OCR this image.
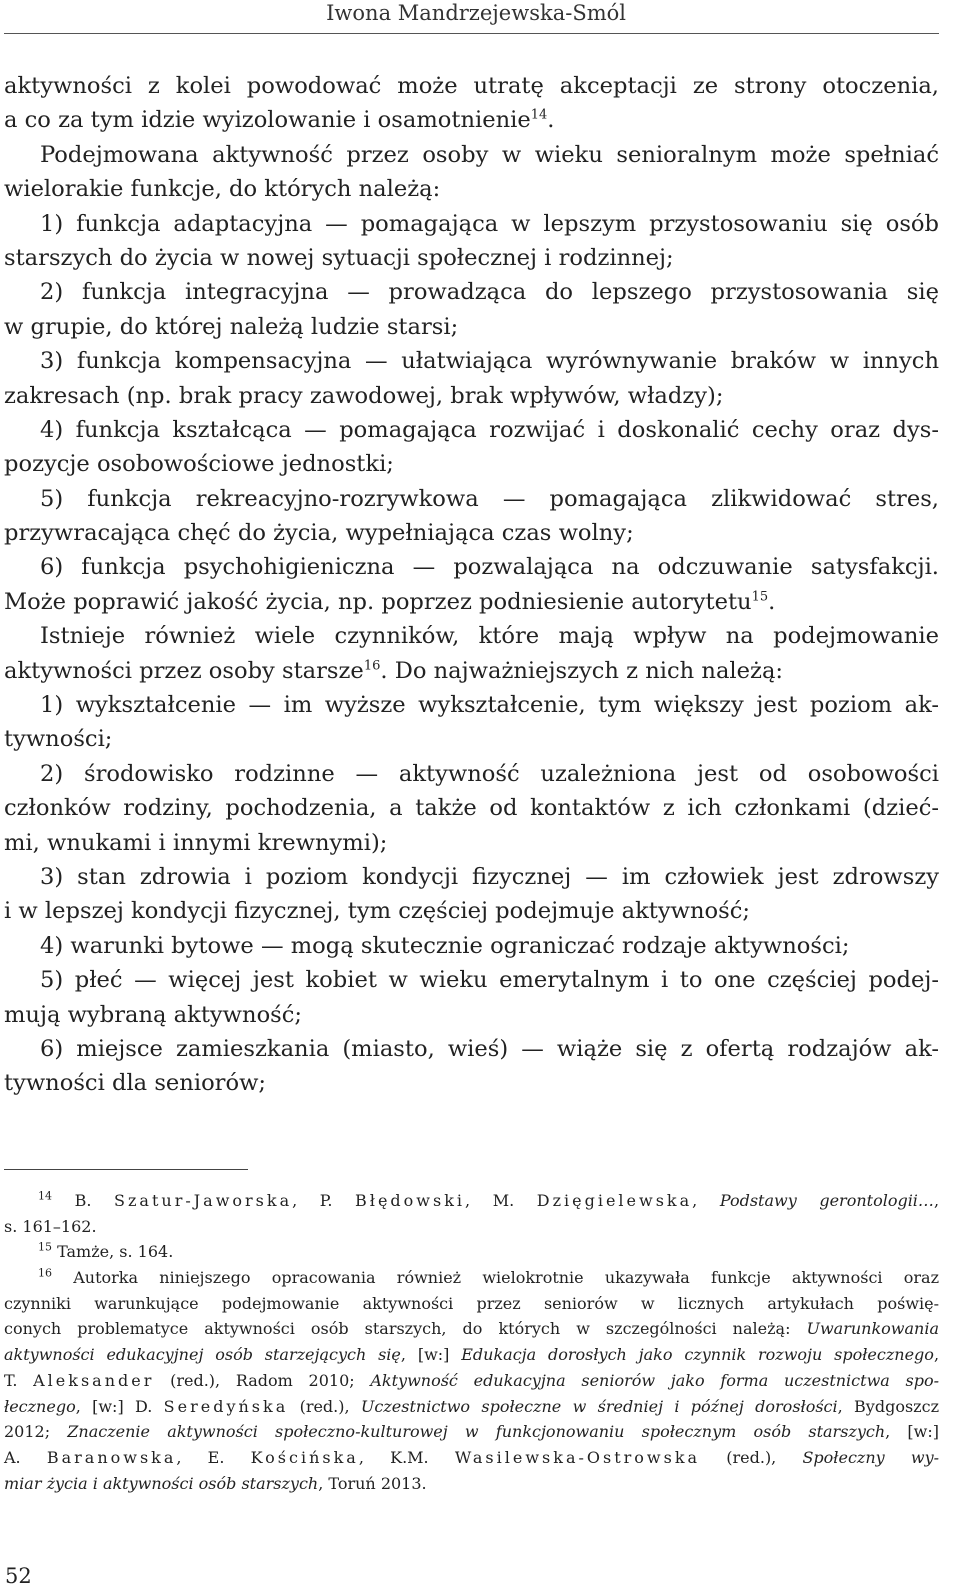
Iwona Mandrzejewska-Smól
aktywności z kolei powodować może utratę akceptacji ze strony otoczenia,
a co za tym idzie wyizolowanie i osamotnienie$^{14}$.
Podejmowana aktywność przez osoby w wieku senioralnym może spełniać
wielorakie funkcje, do których należą:
1) funkcja adaptacyjna — pomagająca w lepszym przystosowaniu się osób
starszych do życia w nowej sytuacji społecznej i rodzinnej;
2) funkcja integracyjna — prowadząca do lepszego przystosowania się
w grupie, do której należą ludzie starsi;
3) funkcja kompensacyjna — ułatwiająca wyrównywanie braków w innych
zakresach (np. brak pracy zawodowej, brak wpływów, władzy);
4) funkcja kształcąca — pomagająca rozwijać i doskonalić cechy oraz dys-
pozycje osobowościowe jednostki;
5) funkcja rekreacyjno-rozrywkowa — pomagająca zlikwidować stres,
przywracająca chęć do życia, wypełniająca czas wolny;
6) funkcja psychohigieniczna — pozwalająca na odczuwanie satysfakcji.
Może poprawić jakość życia, np. poprzez podniesienie autorytetu$^{15}$.
Istnieje również wiele czynników, które mają wpływ na podejmowanie
aktywności przez osoby starsze$^{16}$. Do najważniejszych z nich należą:
1) wykształcenie — im wyższe wykształcenie, tym większy jest poziom ak-
tywności;
2) środowisko rodzinne — aktywność uzależniona jest od osobowości
członków rodziny, pochodzenia, a także od kontaktów z ich członkami (dzieć-
mi, wnukami i innymi krewnymi);
3) stan zdrowia i poziom kondycji fizycznej — im człowiek jest zdrowszy
i w lepszej kondycji fizycznej, tym częściej podejmuje aktywność;
4) warunki bytowe — mogą skutecznie ograniczać rodzaje aktywności;
5) płeć — więcej jest kobiet w wieku emerytalnym i to one częściej podej-
mują wybraną aktywność;
6) miejsce zamieszkania (miasto, wieś) — wiąże się z ofertą rodzajów ak-
tywności dla seniorów;
$^{14}$ B. Szatur-Jaworska, P. Błędowski, M. Dzięgielewska, Podstawy gerontologii…,
s. 161–162.
$^{15}$ Tamże, s. 164.
$^{16}$ Autorka niniejszego opracowania również wielokrotnie ukazywała funkcje aktywności oraz
czynniki warunkujące podejmowanie aktywności przez seniorów w licznych artykułach poświę-
conych problematyce aktywności osób starszych, do których w szczególności należą: Uwarunkowania
aktywności edukacyjnej osób starzejących się, [w:] Edukacja dorosłych jako czynnik rozwoju społecznego,
T. Aleksander (red.), Radom 2010; Aktywność edukacyjna seniorów jako forma uczestnictwa spo-
łecznego, [w:] D. Seredyńska (red.), Uczestnictwo społeczne w średniej i późnej dorosłości, Bydgoszcz
2012; Znaczenie aktywności społeczno-kulturowej w funkcjonowaniu społecznym osób starszych, [w:]
A. Baranowska, E. Kościńska, K.M. Wasilewska-Ostrowska (red.), Społeczny wy-
miar życia i aktywności osób starszych, Toruń 2013.
52
